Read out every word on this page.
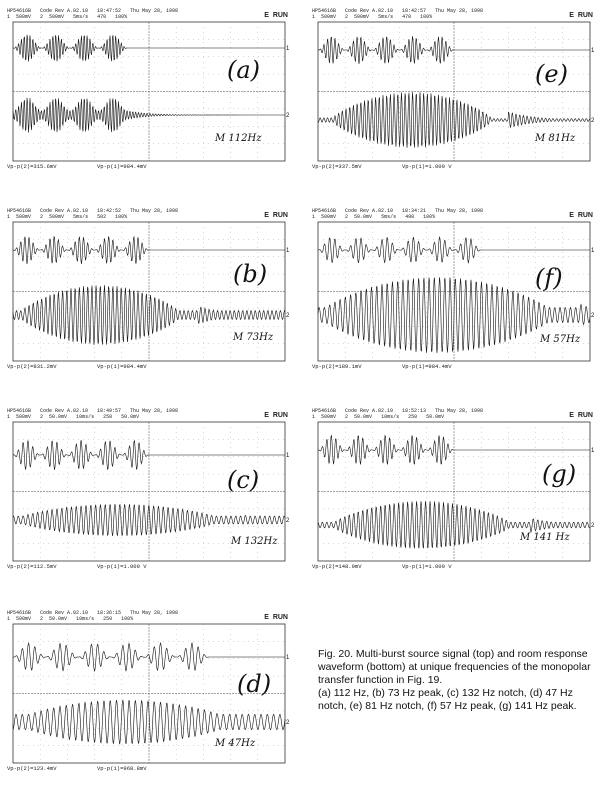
HP54616B   Code Rev A.02.10   18:47:52   Thu May 28, 1998

1  500mV 2  500mV 5ms/s 470 100%

	E  RUN

1
2
(a)
M 112Hz
Vp-p(2)=315.6mV	Vp-p(1)=984.4mV

HP54616B   Code Rev A.02.10   18:42:57   Thu May 28, 1998

1  500mV 2  500mV 5ms/s 470 100%

	E  RUN

1
2
(e)
M 81Hz
Vp-p(2)=337.5mV	Vp-p(1)=1.000 V

HP54616B   Code Rev A.02.10   18:42:52   Thu May 28, 1998

1  500mV 2  500mV 5ms/s 502 100%

	E  RUN

1
2
(b)
M 73Hz
Vp-p(2)=831.2mV	Vp-p(1)=984.4mV

HP54616B   Code Rev A.02.10   18:34:21   Thu May 28, 1998

1  500mV 2  50.0mV 5ms/s 498 100%

	E  RUN

1
2
(f)
M 57Hz
Vp-p(2)=189.1mV	Vp-p(1)=984.4mV

HP54616B   Code Rev A.02.10   18:49:57   Thu May 28, 1998

1  500mV 2  50.0mV 10ms/s 250 50.0mV

	E  RUN

1
2
(c)
M 132Hz
Vp-p(2)=112.5mV	Vp-p(1)=1.000 V

HP54616B   Code Rev A.02.10   18:52:13   Thu May 28, 1998

1  500mV 2  50.0mV 10ms/s 250 50.0mV

	E  RUN

1
2
(g)
M 141 Hz
Vp-p(2)=148.9mV	Vp-p(1)=1.000 V

HP54616B   Code Rev A.02.10   18:36:15   Thu May 28, 1998

1  500mV 2  50.0mV 10ms/s 250 100%

	E  RUN

1
2
(d)
M 47Hz
Vp-p(2)=123.4mV	Vp-p(1)=968.8mV

Fig. 20. Multi-burst source signal (top) and room response waveform (bottom) at unique frequencies of the monopolar transfer function in Fig. 19.

(a) 112 Hz, (b) 73 Hz peak, (c) 132 Hz notch, (d) 47 Hz notch, (e) 81 Hz notch, (f) 57 Hz peak, (g) 141 Hz peak.
